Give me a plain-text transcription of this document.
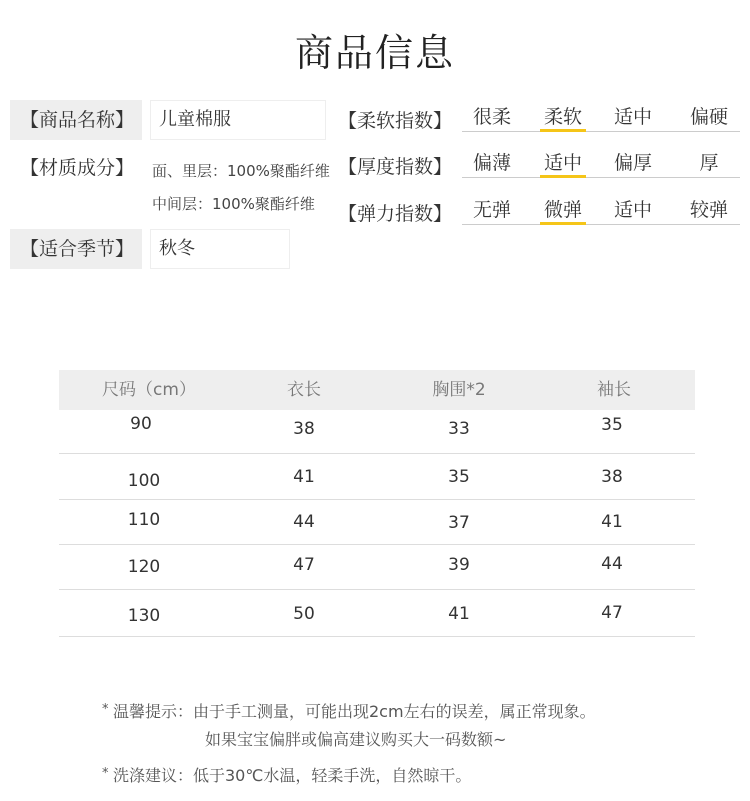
商品信息
【商品名称】	儿童棉服
【材质成分】	面、里层：100%聚酯纤维
中间层：100%聚酯纤维
【适合季节】	秋冬
【柔软指数】	很柔	柔软	适中	偏硬
【厚度指数】	偏薄	适中	偏厚	厚
【弹力指数】	无弹	微弹	适中	较弹
尺码（cm）	衣长	胸围*2	袖长
90	38	33	35
100	41	35	38
110	44	37	41
120	47	39	44
130	50	41	47
* 温馨提示：由于手工测量，可能出现2cm左右的误差，属正常现象。
如果宝宝偏胖或偏高建议购买大一码数额~
* 洗涤建议：低于30℃水温，轻柔手洗，自然晾干。
